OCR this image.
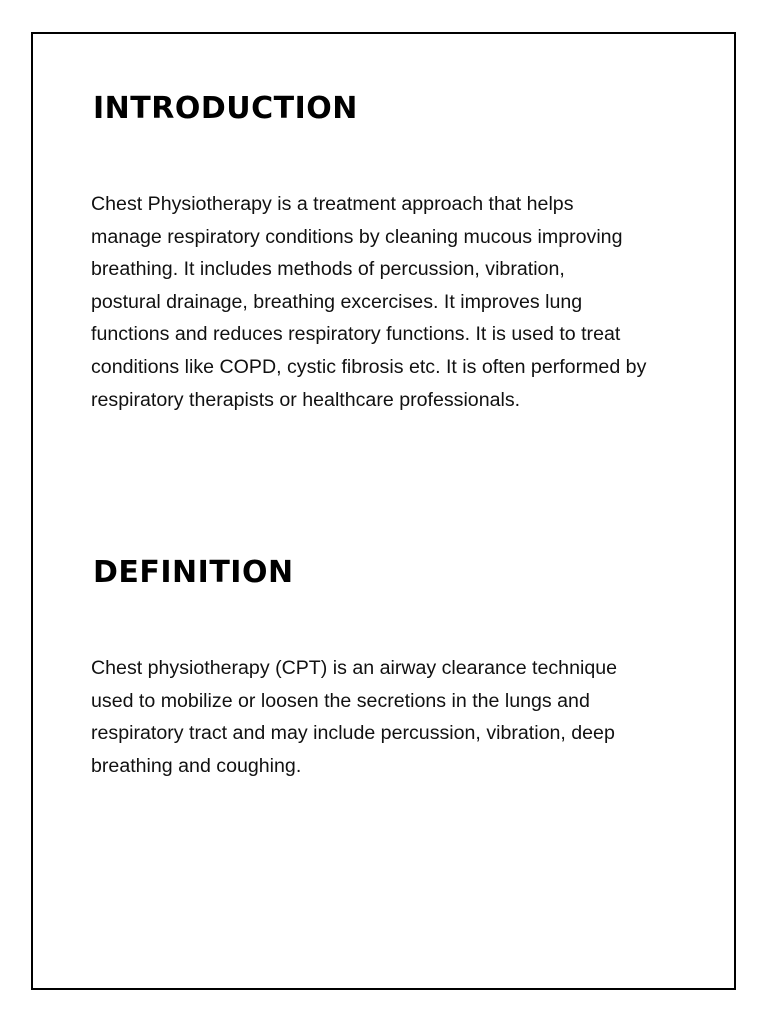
INTRODUCTION

Chest Physiotherapy is a treatment approach that helps
manage respiratory conditions by cleaning mucous improving
breathing. It includes methods of percussion, vibration,
postural drainage, breathing excercises. It improves lung
functions and reduces respiratory functions. It is used to treat
conditions like COPD, cystic fibrosis etc. It is often performed by
respiratory therapists or healthcare professionals.

DEFINITION

Chest physiotherapy (CPT) is an airway clearance technique
used to mobilize or loosen the secretions in the lungs and
respiratory tract and may include percussion, vibration, deep
breathing and coughing.
